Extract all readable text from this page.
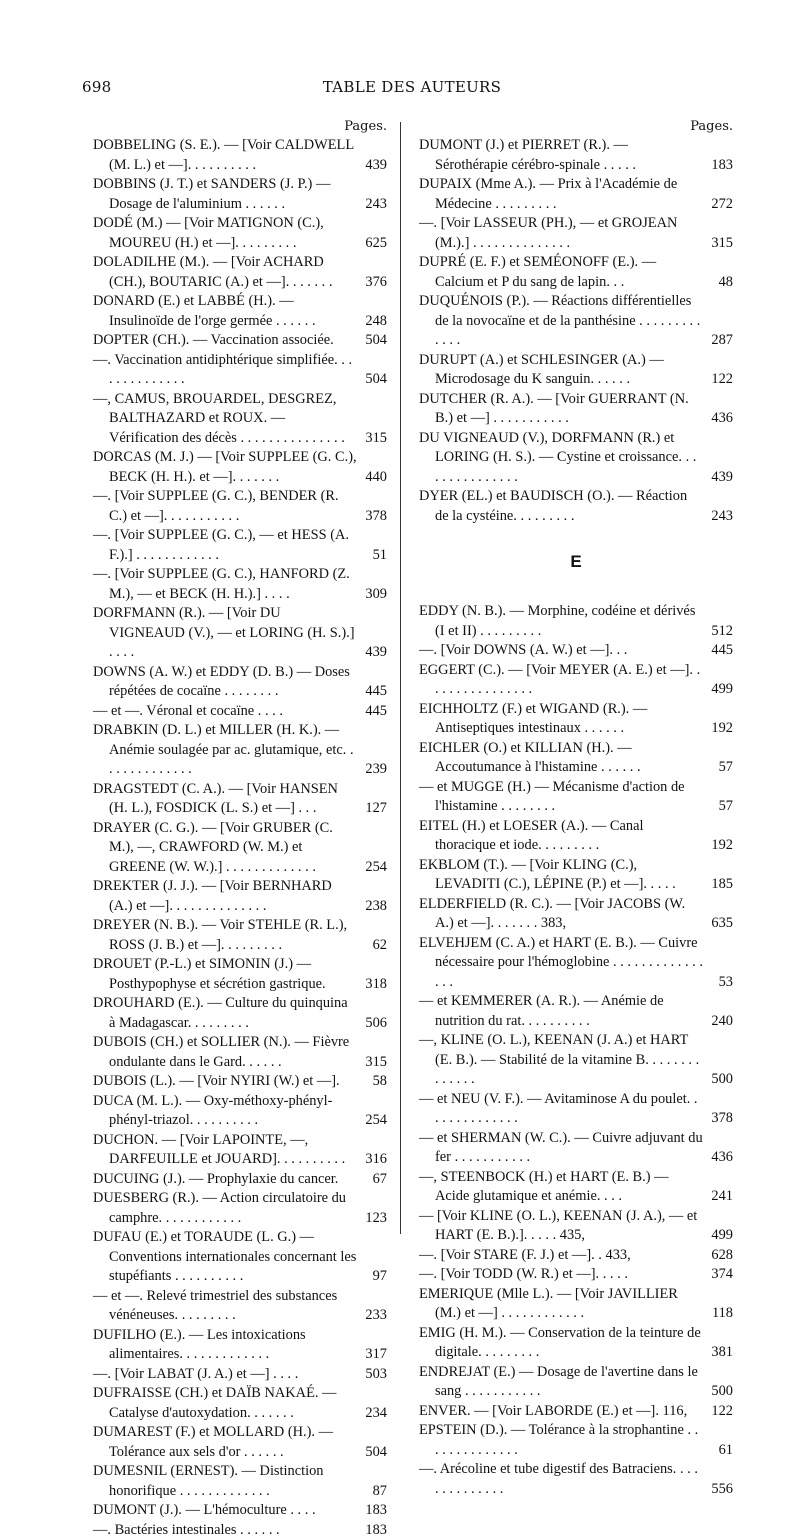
698	TABLE DES AUTEURS
Pages.
DOBBELING (S. E.). — [Voir CALDWELL (M. L.) et —]. . . . . . . . . .	439
DOBBINS (J. T.) et SANDERS (J. P.) — Dosage de l'aluminium . . . . . .	243
DODÉ (M.) — [Voir MATIGNON (C.), MOUREU (H.) et —]. . . . . . . . .	625
DOLADILHE (M.). — [Voir ACHARD (CH.), BOUTARIC (A.) et —]. . . . . . . 376
DONARD (E.) et LABBÉ (H.). — Insulinoïde de l'orge germée . . . . . .	248
DOPTER (CH.). — Vaccination associée. 504
—. Vaccination antidiphtérique simplifiée. . . . . . . . . . . . . .	504
—, CAMUS, BROUARDEL, DESGREZ, BALTHAZARD et ROUX. — Vérification des décès . . . . . . . . . . . . . . . 315
DORCAS (M. J.) — [Voir SUPPLEE (G. C.), BECK (H. H.). et —]. . . . . . .	440
—. [Voir SUPPLEE (G. C.), BENDER (R. C.) et —]. . . . . . . . . . .	378
—. [Voir SUPPLEE (G. C.), — et HESS (A. F.).] . . . . . . . . . . . .	51
—. [Voir SUPPLEE (G. C.), HANFORD (Z. M.), — et BECK (H. H.).] . . . .	309
DORFMANN (R.). — [Voir DU VIGNEAUD (V.), — et LORING (H. S.).] . . . .	439
DOWNS (A. W.) et EDDY (D. B.) — Doses répétées de cocaïne . . . . . . . .	445
— et —. Véronal et cocaïne . . . .	445
DRABKIN (D. L.) et MILLER (H. K.). — Anémie soulagée par ac. glutamique, etc. . . . . . . . . . . . . .	239
DRAGSTEDT (C. A.). — [Voir HANSEN (H. L.), FOSDICK (L. S.) et —] . . .	127
DRAYER (C. G.). — [Voir GRUBER (C. M.), —, CRAWFORD (W. M.) et GREENE (W. W.).] . . . . . . . . . . . . .	254
DREKTER (J. J.). — [Voir BERNHARD (A.) et —]. . . . . . . . . . . . . .	238
DREYER (N. B.). — Voir STEHLE (R. L.), ROSS (J. B.) et —]. . . . . . . . .	62
DROUET (P.-L.) et SIMONIN (J.) — Posthypophyse et sécrétion gastrique.	318
DROUHARD (E.). — Culture du quinquina à Madagascar. . . . . . . . .	506
DUBOIS (CH.) et SOLLIER (N.). — Fièvre ondulante dans le Gard. . . . . .	315
DUBOIS (L.). — [Voir NYIRI (W.) et —]. 58
DUCA (M. L.). — Oxy-méthoxy-phényl-phényl-triazol. . . . . . . . . .	254
DUCHON. — [Voir LAPOINTE, —, DARFEUILLE et JOUARD]. . . . . . . . . . 316
DUCUING (J.). — Prophylaxie du cancer. 67
DUESBERG (R.). — Action circulatoire du camphre. . . . . . . . . . . .	123
DUFAU (E.) et TORAUDE (L. G.) — Conventions internationales concernant les stupéfiants . . . . . . . . . .	97
— et —. Relevé trimestriel des substances vénéneuses. . . . . . . . .	233
DUFILHO (E.). — Les intoxications alimentaires. . . . . . . . . . . . .	317
—. [Voir LABAT (J. A.) et —] . . . .	503
DUFRAISSE (CH.) et DAÏB NAKAÉ. — Catalyse d'autoxydation. . . . . . .	234
DUMAREST (F.) et MOLLARD (H.). — Tolérance aux sels d'or . . . . . .	504
DUMESNIL (ERNEST). — Distinction honorifique . . . . . . . . . . . . .	87
DUMONT (J.). — L'hémoculture . . . .	183
—. Bactéries intestinales . . . . . .	183
Pages.
DUMONT (J.) et PIERRET (R.). — Sérothérapie cérébro-spinale . . . . .	183
DUPAIX (Mme A.). — Prix à l'Académie de Médecine . . . . . . . . .	272
—. [Voir LASSEUR (PH.), — et GROJEAN (M.).] . . . . . . . . . . . . . .	315
DUPRÉ (E. F.) et SEMÉONOFF (E.). — Calcium et P du sang de lapin. . .	48
DUQUÉNOIS (P.). — Réactions différentielles de la novocaïne et de la panthésine . . . . . . . . . . . . .	287
DURUPT (A.) et SCHLESINGER (A.) — Microdosage du K sanguin. . . . . .	122
DUTCHER (R. A.). — [Voir GUERRANT (N. B.) et —] . . . . . . . . . . .	436
DU VIGNEAUD (V.), DORFMANN (R.) et LORING (H. S.). — Cystine et croissance. . . . . . . . . . . . . . .	439
DYER (EL.) et BAUDISCH (O.). — Réaction de la cystéine. . . . . . . . .	243
E
EDDY (N. B.). — Morphine, codéine et dérivés (I et II) . . . . . . . . .	512
—. [Voir DOWNS (A. W.) et —]. . .	445
EGGERT (C.). — [Voir MEYER (A. E.) et —]. . . . . . . . . . . . . . . .	499
EICHHOLTZ (F.) et WIGAND (R.). — Antiseptiques intestinaux . . . . . .	192
EICHLER (O.) et KILLIAN (H.). — Accoutumance à l'histamine . . . . . .	57
— et MUGGE (H.) — Mécanisme d'action de l'histamine . . . . . . . .	57
EITEL (H.) et LOESER (A.). — Canal thoracique et iode. . . . . . . . .	192
EKBLOM (T.). — [Voir KLING (C.), LEVADITI (C.), LÉPINE (P.) et —]. . . . . 185
ELDERFIELD (R. C.). — [Voir JACOBS (W. A.) et —]. . . . . . . 383,	635
ELVEHJEM (C. A.) et HART (E. B.). — Cuivre nécessaire pour l'hémoglobine . . . . . . . . . . . . . . . .	53
— et KEMMERER (A. R.). — Anémie de nutrition du rat. . . . . . . . . .	240
—, KLINE (O. L.), KEENAN (J. A.) et HART (E. B.). — Stabilité de la vitamine B. . . . . . . . . . . . . .	500
— et NEU (V. F.). — Avitaminose A du poulet. . . . . . . . . . . . . .	378
— et SHERMAN (W. C.). — Cuivre adjuvant du fer . . . . . . . . . . .	436
—, STEENBOCK (H.) et HART (E. B.) — Acide glutamique et anémie. . . .	241
— [Voir KLINE (O. L.), KEENAN (J. A.), — et HART (E. B.).]. . . . . 435,	499
—. [Voir STARE (F. J.) et —]. . 433,	628
—. [Voir TODD (W. R.) et —]. . . . .	374
EMERIQUE (Mlle L.). — [Voir JAVILLIER (M.) et —] . . . . . . . . . . . .	118
EMIG (H. M.). — Conservation de la teinture de digitale. . . . . . . . .	381
ENDREJAT (E.) — Dosage de l'avertine dans le sang . . . . . . . . . . .	500
ENVER. — [Voir LABORDE (E.) et —]. 116, 122
EPSTEIN (D.). — Tolérance à la strophantine . . . . . . . . . . . . . .	61
—. Arécoline et tube digestif des Batraciens. . . . . . . . . . . . . .	556
